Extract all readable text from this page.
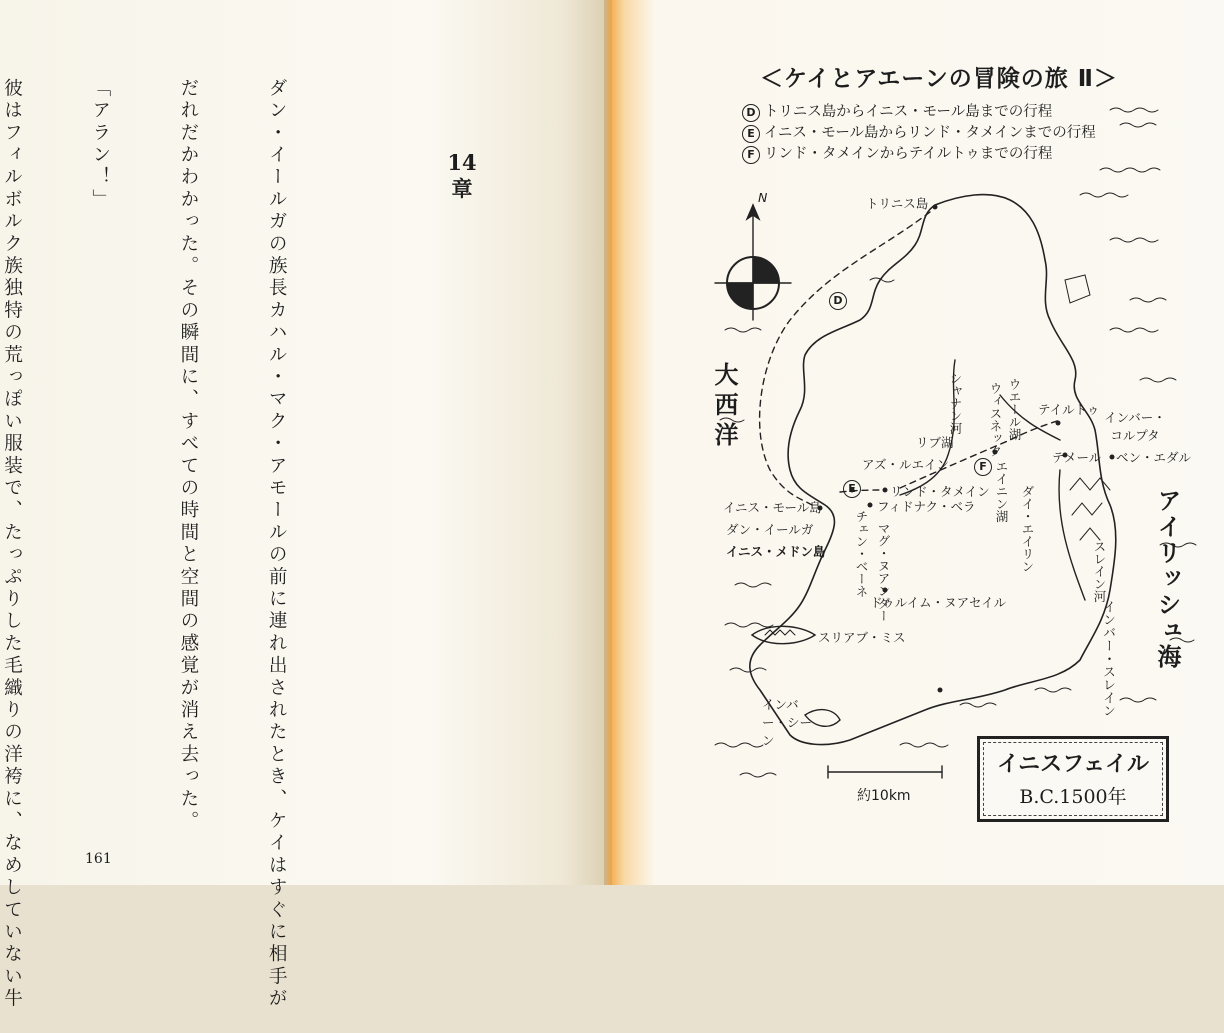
ダン・イールガの族長カハル・マク・アモールの前に連れ出されたとき、ケイはすぐに相手が

だれだかわかった。その瞬間に、すべての時間と空間の感覚が消え去った。

「アラン！」

彼はフィルボルク族独特の荒っぽい服装で、たっぷりした毛織りの洋袴に、なめしていない牛

	14
章
161
＜ケイとアエーンの冒険の旅 Ⅱ＞
D トリニス島からイニス・モール島までの行程
E イニス・モール島からリンド・タメインまでの行程
F リンド・タメインからテイルトゥまでの行程
N
D
E
F
大西洋
アイリッシュ海
トリニス島
シャナン河 ウィスネック ウエール湖 テイルトゥ
インバー・コルプタ
リブ湖
アズ・ルエイン	エイニン湖
テメール ベン・エダル
イニス・モール島
リンド・タメイン
フィドナク・ベラ
ダン・イールガ
イニス・メドン島 チェン・ベーネ マグ・ヌアンダー	ダイ・エイリン	スレイン河
ドゥルイム・ヌアセイル
スリアブ・ミス
インバー・シーン
インバー・スレイン
約10km
イニスフェイル
B.C.1500年
